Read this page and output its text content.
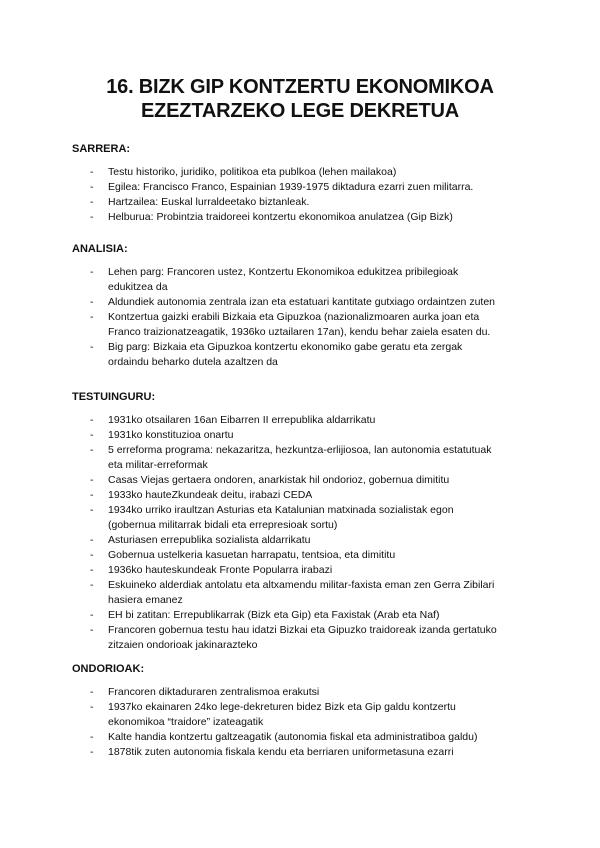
16. BIZK GIP KONTZERTU EKONOMIKOA
EZEZTARZEKO LEGE DEKRETUA
SARRERA:
- Testu historiko, juridiko, politikoa eta publkoa (lehen mailakoa)
- Egilea: Francisco Franco, Espainian 1939-1975 diktadura ezarri zuen militarra.
- Hartzailea: Euskal lurraldeetako biztanleak.
- Helburua: Probintzia traidoreei kontzertu ekonomikoa anulatzea (Gip Bizk)
ANALISIA:
- Lehen parg: Francoren ustez, Kontzertu Ekonomikoa edukitzea pribilegioak
edukitzea da
- Aldundiek autonomia zentrala izan eta estatuari kantitate gutxiago ordaintzen zuten
- Kontzertua gaizki erabili Bizkaia eta Gipuzkoa (nazionalizmoaren aurka joan eta
Franco traizionatzeagatik, 1936ko uztailaren 17an), kendu behar zaiela esaten du.
- Big parg: Bizkaia eta Gipuzkoa kontzertu ekonomiko gabe geratu eta zergak
ordaindu beharko dutela azaltzen da
TESTUINGURU:
- 1931ko otsailaren 16an Eibarren II errepublika aldarrikatu
- 1931ko konstituzioa onartu
- 5 erreforma programa: nekazaritza, hezkuntza-erlijiosoa, lan autonomia estatutuak
eta militar-erreformak
- Casas Viejas gertaera ondoren, anarkistak hil ondorioz, gobernua dimititu
- 1933ko hauteZkundeak deitu, irabazi CEDA
- 1934ko urriko iraultzan Asturias eta Katalunian matxinada sozialistak egon
(gobernua militarrak bidali eta errepresioak sortu)
- Asturiasen errepublika sozialista aldarrikatu
- Gobernua ustelkeria kasuetan harrapatu, tentsioa, eta dimititu
- 1936ko hauteskundeak Fronte Popularra irabazi
- Eskuineko alderdiak antolatu eta altxamendu militar-faxista eman zen Gerra Zibilari
hasiera emanez
- EH bi zatitan: Errepublikarrak (Bizk eta Gip) eta Faxistak (Arab eta Naf)
- Francoren gobernua testu hau idatzi Bizkai eta Gipuzko traidoreak izanda gertatuko
zitzaien ondorioak jakinarazteko
ONDORIOAK:
- Francoren diktaduraren zentralismoa erakutsi
- 1937ko ekainaren 24ko lege-dekreturen bidez Bizk eta Gip galdu kontzertu
ekonomikoa “traidore” izateagatik
- Kalte handia kontzertu galtzeagatik (autonomia fiskal eta administratiboa galdu)
- 1878tik zuten autonomia fiskala kendu eta berriaren uniformetasuna ezarri
